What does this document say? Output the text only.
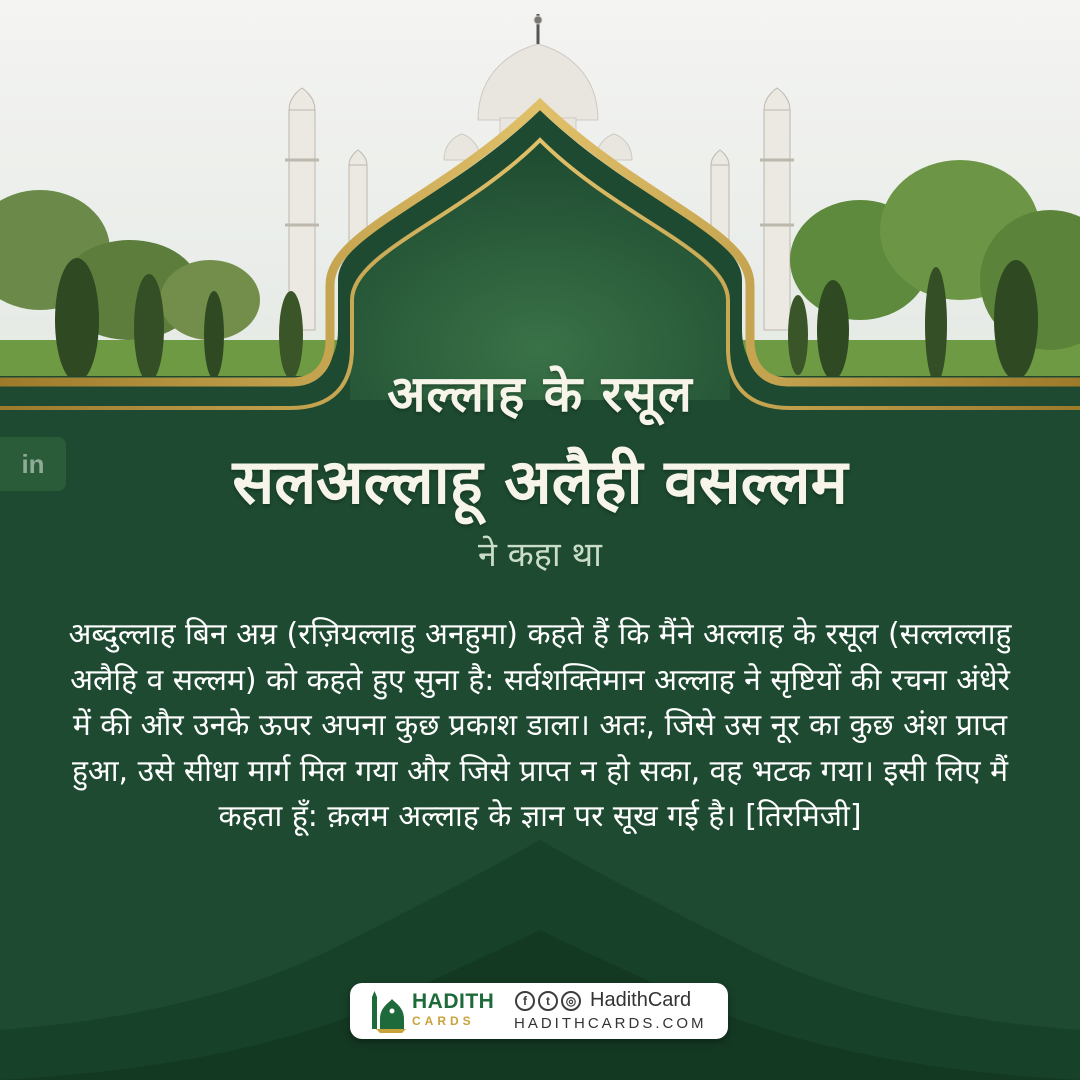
अल्लाह के रसूल
सलअल्लाहू अलैही वसल्लम
ने कहा था
in
अब्दुल्लाह बिन अम्र (रज़ियल्लाहु अनहुमा) कहते हैं कि मैंने अल्लाह के रसूल (सल्लल्लाहु अलैहि व सल्लम) को कहते हुए सुना है: सर्वशक्तिमान अल्लाह ने सृष्टियों की रचना अंधेरे में की और उनके ऊपर अपना कुछ प्रकाश डाला। अतः, जिसे उस नूर का कुछ अंश प्राप्त हुआ, उसे सीधा मार्ग मिल गया और जिसे प्राप्त न हो सका, वह भटक गया। इसी लिए मैं कहता हूँ: क़लम अल्लाह के ज्ञान पर सूख गई है। [तिरमिजी]
HADITH
CARDS
f	t	◎ HadithCard
HADITHCARDS.COM
